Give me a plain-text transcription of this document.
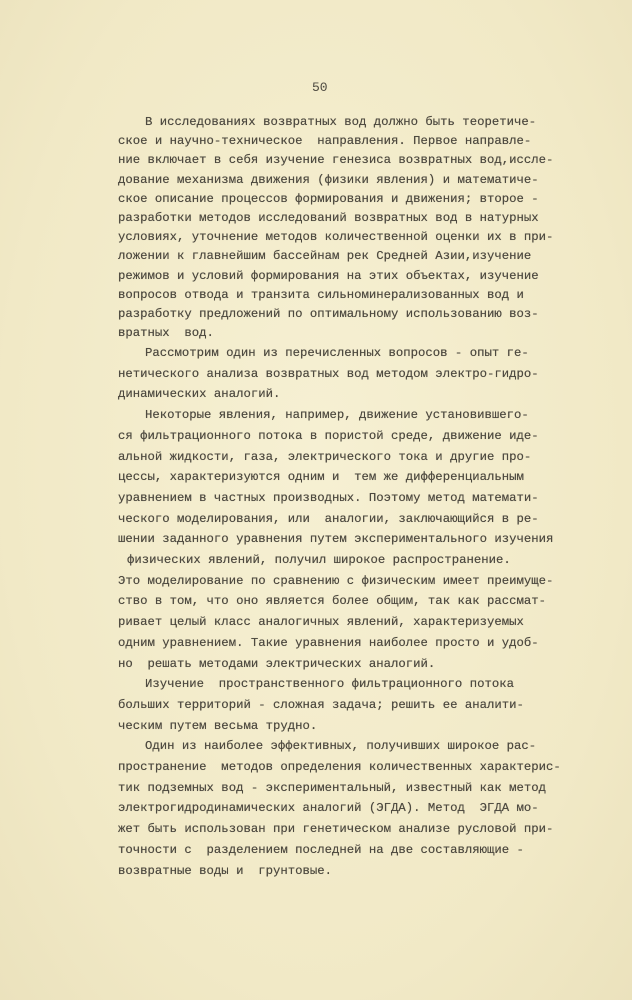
50
В исследованиях возвратных вод должно быть теоретиче-
ское и научно-техническое  направления. Первое направле-
ние включает в себя изучение генезиса возвратных вод,иссле-
дование механизма движения (физики явления) и математиче-
ское описание процессов формирования и движения; второе -
разработки методов исследований возвратных вод в натурных
условиях, уточнение методов количественной оценки их в при-
ложении к главнейшим бассейнам рек Средней Азии,изучение
режимов и условий формирования на этих объектах, изучение
вопросов отвода и транзита сильноминерализованных вод и
разработку предложений по оптимальному использованию воз-
вратных  вод.
Рассмотрим один из перечисленных вопросов - опыт ге-
нетического анализа возвратных вод методом электро-гидро-
динамических аналогий.
Некоторые явления, например, движение установившего-
ся фильтрационного потока в пористой среде, движение иде-
альной жидкости, газа, электрического тока и другие про-
цессы, характеризуются одним и  тем же дифференциальным
уравнением в частных производных. Поэтому метод математи-
ческого моделирования, или  аналогии, заключающийся в ре-
шении заданного уравнения путем экспериментального изучения
физических явлений, получил широкое распространение.
Это моделирование по сравнению с физическим имеет преимуще-
ство в том, что оно является более общим, так как рассмат-
ривает целый класс аналогичных явлений, характеризуемых
одним уравнением. Такие уравнения наиболее просто и удоб-
но  решать методами электрических аналогий.
Изучение  пространственного фильтрационного потока
больших территорий - сложная задача; решить ее аналити-
ческим путем весьма трудно.
Один из наиболее эффективных, получивших широкое рас-
пространение  методов определения количественных характерис-
тик подземных вод - экспериментальный, известный как метод
электрогидродинамических аналогий (ЭГДА). Метод  ЭГДА мо-
жет быть использован при генетическом анализе русловой при-
точности с  разделением последней на две составляющие -
возвратные воды и  грунтовые.
